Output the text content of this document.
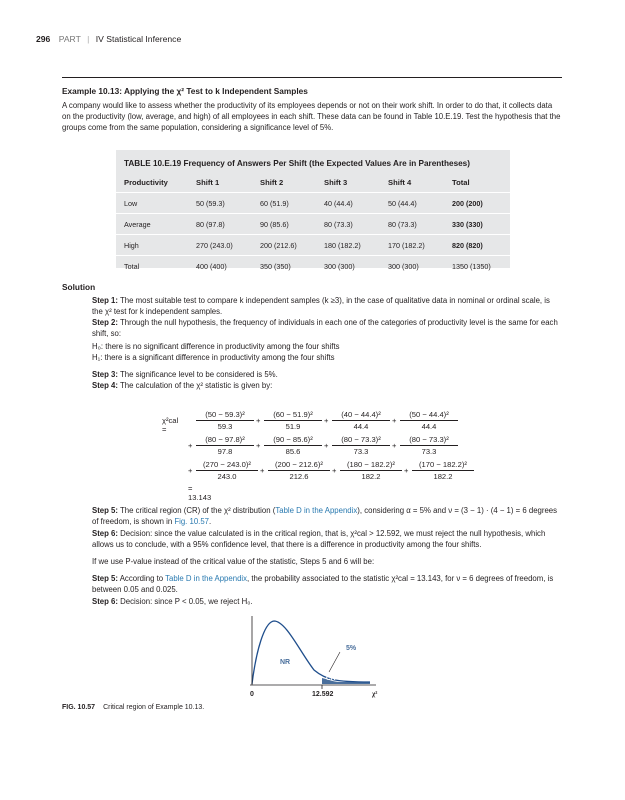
296 PART | IV Statistical Inference
Example 10.13: Applying the χ² Test to k Independent Samples
A company would like to assess whether the productivity of its employees depends or not on their work shift. In order to do that, it collects data on the productivity (low, average, and high) of all employees in each shift. These data can be found in Table 10.E.19. Test the hypothesis that the groups come from the same population, considering a significance level of 5%.
TABLE 10.E.19 Frequency of Answers Per Shift (the Expected Values Are in Parentheses)
Productivity	Shift 1	Shift 2	Shift 3	Shift 4	Total
Low	50 (59.3)	60 (51.9)	40 (44.4)	50 (44.4)	200 (200)
Average	80 (97.8)	90 (85.6)	80 (73.3)	80 (73.3)	330 (330)
High	270 (243.0)	200 (212.6)	180 (182.2)	170 (182.2)	820 (820)
Total	400 (400)	350 (350)	300 (300)	300 (300)	1350 (1350)
Solution
Step 1: The most suitable test to compare k independent samples (k ≥3), in the case of qualitative data in nominal or ordinal scale, is the χ² test for k independent samples.
Step 2: Through the null hypothesis, the frequency of individuals in each one of the categories of productivity level is the same for each shift, so:
H₀: there is no significant difference in productivity among the four shifts
H₁: there is a significant difference in productivity among the four shifts
Step 3: The significance level to be considered is 5%.
Step 4: The calculation of the χ² statistic is given by:
χ²cal =	$\frac{\text{(50 − 59.3)²}}{59.3} + \frac{\text{(60 − 51.9)²}}{51.9} + \frac{\text{(40 − 44.4)²}}{44.4} + \frac{\text{(50 − 44.4)²}}{44.4}$
+ $\frac{\text{(80 − 97.8)²}}{97.8} + \frac{\text{(90 − 85.6)²}}{85.6} + \frac{\text{(80 − 73.3)²}}{73.3} + \frac{\text{(80 − 73.3)²}}{73.3}$
+ $\frac{\text{(270 − 243.0)²}}{243.0} + \frac{\text{(200 − 212.6)²}}{212.6} + \frac{\text{(180 − 182.2)²}}{182.2} + \frac{\text{(170 − 182.2)²}}{182.2}$
= 13.143
Step 5: The critical region (CR) of the χ² distribution (Table D in the Appendix), considering α = 5% and ν = (3 − 1) · (4 − 1) = 6 degrees of freedom, is shown in Fig. 10.57.
Step 6: Decision: since the value calculated is in the critical region, that is, χ²cal > 12.592, we must reject the null hypothesis, which allows us to conclude, with a 95% confidence level, that there is a difference in productivity among the four shifts.
If we use P-value instead of the critical value of the statistic, Steps 5 and 6 will be:
Step 5: According to Table D in the Appendix, the probability associated to the statistic χ²cal = 13.143, for ν = 6 degrees of freedom, is between 0.05 and 0.025.
Step 6: Decision: since P < 0.05, we reject H₀.
NR
CR
5%
0	12.592	χ²
FIG. 10.57 Critical region of Example 10.13.
